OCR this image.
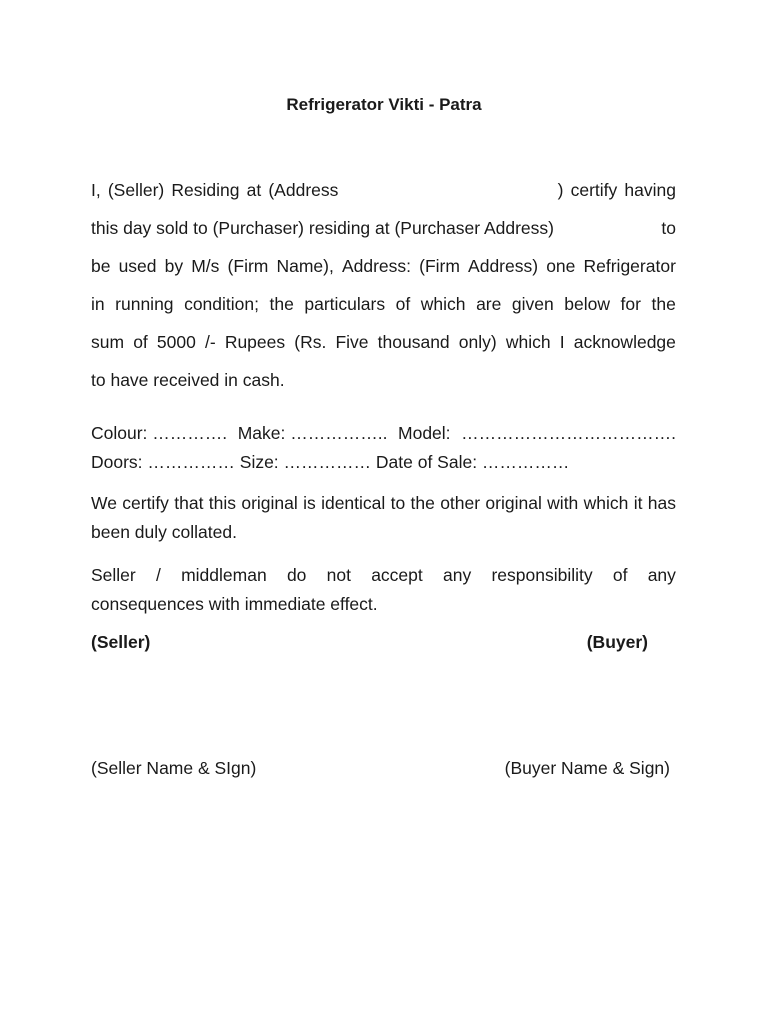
Refrigerator Vikti - Patra
I, (Seller) Residing at (Address	) certify having
this day sold to (Purchaser) residing at (Purchaser Address)	to
be used by M/s (Firm Name), Address: (Firm Address) one Refrigerator
in running condition; the particulars of which are given below for the
sum of 5000 /- Rupees (Rs. Five thousand only) which I acknowledge
to have received in cash.
Colour: …………. Make: …………….. Model: ……………………………….
Doors: …………… Size: …………… Date of Sale: ……………
We certify that this original is identical to the other original with which it has been duly collated.
Seller / middleman do not accept any responsibility of any
consequences with immediate effect.
(Seller)	(Buyer)
(Seller Name & SIgn)	(Buyer Name & Sign)
